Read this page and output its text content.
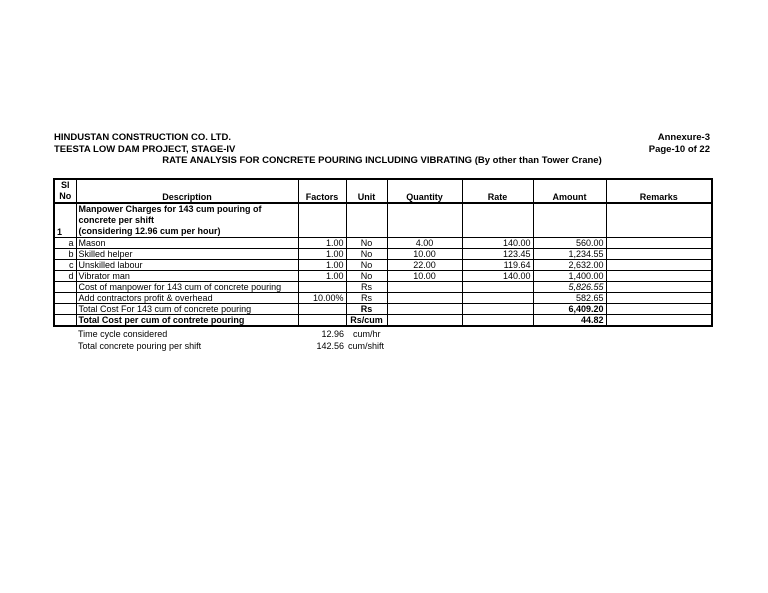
HINDUSTAN CONSTRUCTION CO. LTD.	Annexure-3
TEESTA LOW DAM PROJECT, STAGE-IV	Page-10 of 22
RATE ANALYSIS FOR CONCRETE POURING INCLUDING VIBRATING (By other than Tower Crane)
Sl No	Description	Factors	Unit	Quantity	Rate	Amount	Remarks
1	Manpower Charges for 143 cum pouring of concrete per shift
(considering 12.96 cum per hour)						

a	Mason	1.00	No	4.00	140.00	560.00	
b	Skilled helper	1.00	No	10.00	123.45	1,234.55	
c	Unskilled labour	1.00	No	22.00	119.64	2,632.00	
d	Vibrator man	1.00	No	10.00	140.00	1,400.00	
	Cost of manpower for 143 cum of concrete pouring		Rs			5,826.55	
	Add contractors profit & overhead	10.00%	Rs			582.65	
	Total Cost For 143 cum of concrete pouring		Rs			6,409.20	
	Total Cost per cum of contrete pouring		Rs/cum			44.82	
Time cycle considered	12.96 cum/hr
Total concrete pouring per shift	142.56 cum/shift
